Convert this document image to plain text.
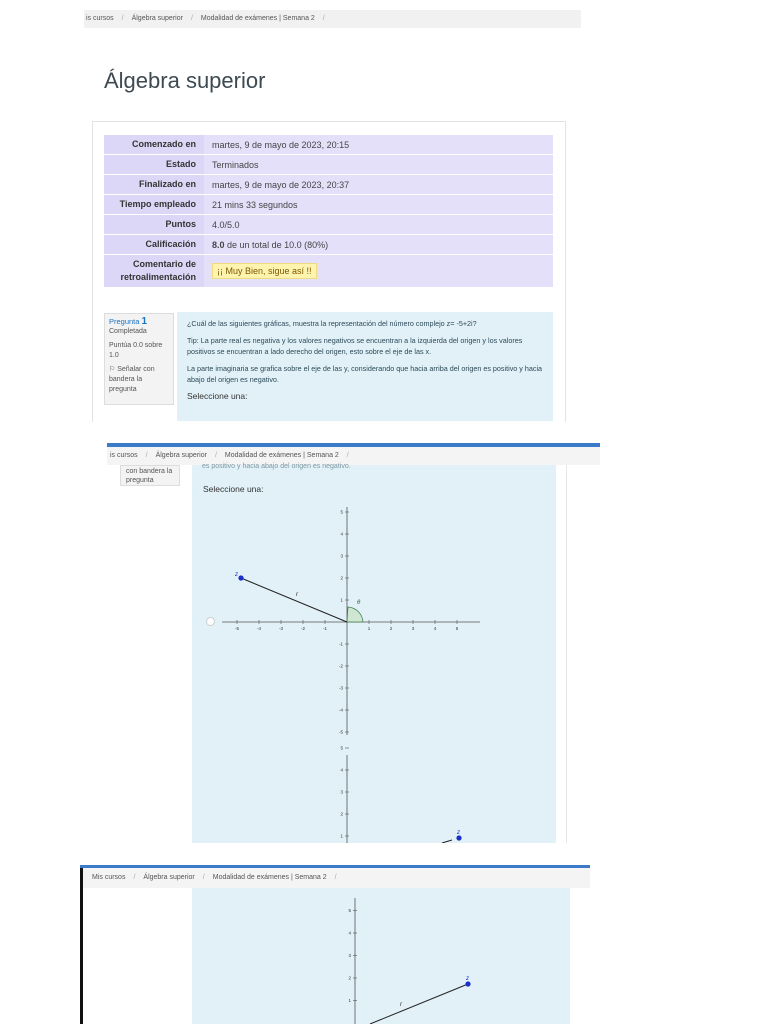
is cursos / Álgebra superior / Modalidad de exámenes | Semana 2 /
Álgebra superior
Comenzado en	martes, 9 de mayo de 2023, 20:15
Estado	Terminados
Finalizado en	martes, 9 de mayo de 2023, 20:37
Tiempo empleado	21 mins 33 segundos
Puntos	4.0/5.0
Calificación	8.0 de un total de 10.0 (80%)
Comentario de retroalimentación	¡¡ Muy Bien, sigue así !!
Pregunta 1
Completada
Puntúa 0.0 sobre 1.0
⚐ Señalar con bandera la pregunta

¿Cuál de las siguientes gráficas, muestra la representación del número complejo z= -5+2i?

Tip: La parte real es negativa y los valores negativos se encuentran a la izquierda del origen y los valores positivos se encuentran a lado derecho del origen, esto sobre el eje de las x.

La parte imaginaria se grafica sobre el eje de las y, considerando que hacia arriba del origen es positivo y hacia abajo del origen es negativo.

Seleccione una:
is cursos / Álgebra superior / Modalidad de exámenes | Semana 2 /
con bandera la pregunta
es positivo y hacia abajo del origen es negativo.
-5	-4	-3	-2	-1	1	2	3	4	5
5
4
3
2
1
-1
-2
-3
-4
-5
z
r
θ
5
4
3
2
1	z
Seleccione una:
Mis cursos / Álgebra superior / Modalidad de exámenes | Semana 2 /
5
4
3
2
1
z
r
